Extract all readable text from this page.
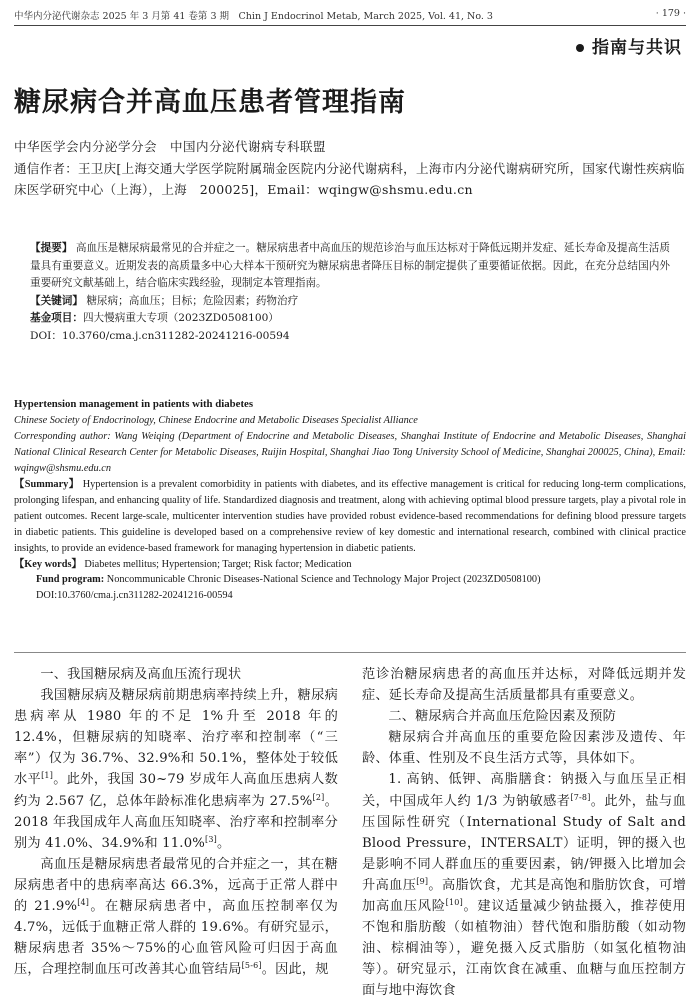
中华内分泌代谢杂志 2025 年 3 月第 41 卷第 3 期　Chin J Endocrinol Metab, March 2025, Vol. 41, No. 3	· 179 ·
指南与共识
糖尿病合并高血压患者管理指南
中华医学会内分泌学分会　中国内分泌代谢病专科联盟
通信作者：王卫庆[上海交通大学医学院附属瑞金医院内分泌代谢病科，上海市内分泌代谢病研究所，国家代谢性疾病临床医学研究中心（上海），上海　200025]，Email：wqingw@shsmu.edu.cn

【提要】 高血压是糖尿病最常见的合并症之一。糖尿病患者中高血压的规范诊治与血压达标对于降低远期并发症、延长寿命及提高生活质量具有重要意义。近期发表的高质量多中心大样本干预研究为糖尿病患者降压目标的制定提供了重要循证依据。因此，在充分总结国内外重要研究文献基础上，结合临床实践经验，现制定本管理指南。

【关键词】 糖尿病；高血压；目标；危险因素；药物治疗

基金项目：四大慢病重大专项（2023ZD0508100）

DOI：10.3760/cma.j.cn311282-20241216-00594

Hypertension management in patients with diabetes
Chinese Society of Endocrinology, Chinese Endocrine and Metabolic Diseases Specialist Alliance
Corresponding author: Wang Weiqing (Department of Endocrine and Metabolic Diseases, Shanghai Institute of Endocrine and Metabolic Diseases, Shanghai National Clinical Research Center for Metabolic Diseases, Ruijin Hospital, Shanghai Jiao Tong University School of Medicine, Shanghai 200025, China), Email: wqingw@shsmu.edu.cn

【Summary】 Hypertension is a prevalent comorbidity in patients with diabetes, and its effective management is critical for reducing long-term complications, prolonging lifespan, and enhancing quality of life. Standardized diagnosis and treatment, along with achieving optimal blood pressure targets, play a pivotal role in patient outcomes. Recent large-scale, multicenter intervention studies have provided robust evidence-based recommendations for defining blood pressure targets in diabetic patients. This guideline is developed based on a comprehensive review of key domestic and international research, combined with clinical practice insights, to provide an evidence-based framework for managing hypertension in diabetic patients.

【Key words】 Diabetes mellitus; Hypertension; Target; Risk factor; Medication

Fund program: Noncommunicable Chronic Diseases-National Science and Technology Major Project (2023ZD0508100)

DOI:10.3760/cma.j.cn311282-20241216-00594

一、我国糖尿病及高血压流行现状

我国糖尿病及糖尿病前期患病率持续上升，糖尿病患病率从 1980 年的不足 1%升至 2018 年的 12.4%，但糖尿病的知晓率、治疗率和控制率（“三率”）仅为 36.7%、32.9%和 50.1%，整体处于较低水平[1]。此外，我国 30~79 岁成年人高血压患病人数约为 2.567 亿，总体年龄标准化患病率为 27.5%[2]。2018 年我国成年人高血压知晓率、治疗率和控制率分别为 41.0%、34.9%和 11.0%[3]。

高血压是糖尿病患者最常见的合并症之一，其在糖尿病患者中的患病率高达 66.3%，远高于正常人群中的 21.9%[4]。在糖尿病患者中，高血压控制率仅为 4.7%，远低于血糖正常人群的 19.6%。有研究显示，糖尿病患者 35%～75%的心血管风险可归因于高血压，合理控制血压可改善其心血管结局[5-6]。因此，规

范诊治糖尿病患者的高血压并达标，对降低远期并发症、延长寿命及提高生活质量都具有重要意义。

二、糖尿病合并高血压危险因素及预防

糖尿病合并高血压的重要危险因素涉及遗传、年龄、体重、性别及不良生活方式等，具体如下。

1. 高钠、低钾、高脂膳食：钠摄入与血压呈正相关，中国成年人约 1/3 为钠敏感者[7-8]。此外，盐与血压国际性研究（International Study of Salt and Blood Pressure，INTERSALT）证明，钾的摄入也是影响不同人群血压的重要因素，钠/钾摄入比增加会升高血压[9]。高脂饮食，尤其是高饱和脂肪饮食，可增加高血压风险[10]。建议适量减少钠盐摄入，推荐使用不饱和脂肪酸（如植物油）替代饱和脂肪酸（如动物油、棕榈油等），避免摄入反式脂肪（如氢化植物油等）。研究显示，江南饮食在减重、血糖与血压控制方面与地中海饮食
